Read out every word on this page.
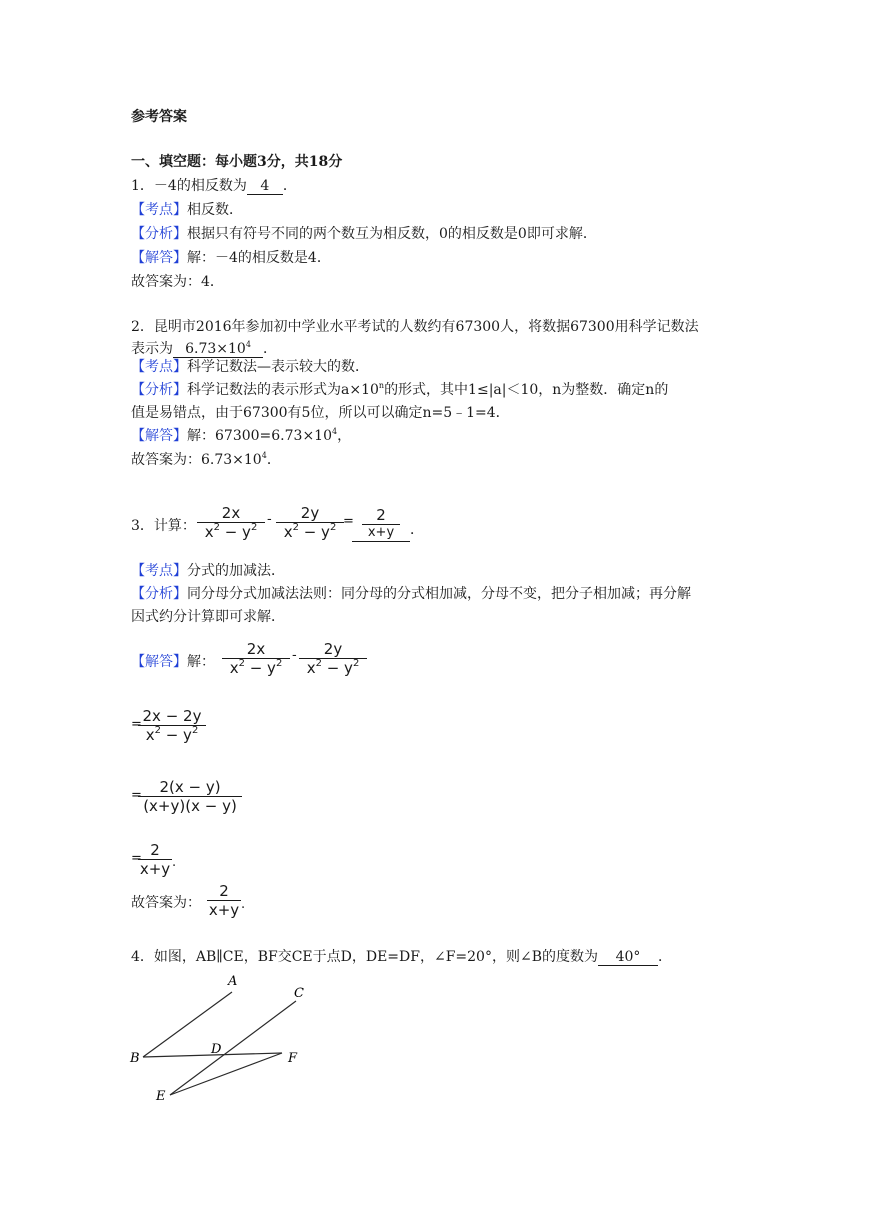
参考答案
一、填空题：每小题3分，共18分
1．－4的相反数为 4 ．
【考点】相反数．
【分析】根据只有符号不同的两个数互为相反数，0的相反数是0即可求解．
【解答】解：－4的相反数是4．
故答案为：4．
2．昆明市2016年参加初中学业水平考试的人数约有67300人，将数据67300用科学记数法
表示为 $6.73\times 10^4$ ．
【考点】科学记数法—表示较大的数．
【分析】科学记数法的表示形式为$a\times 10^n$的形式，其中1≤|a|＜10，n为整数．确定n的
值是易错点，由于67300有5位，所以可以确定n=5﹣1=4．
【解答】解：$67300=6.73\times 10^4$，
故答案为：$6.73\times 10^4$．
3．计算：
2x
$x^2 - y^2$
-	2y
$x^2 - y^2$ =	2
x+y	．
【考点】分式的加减法．
【分析】同分母分式加减法法则：同分母的分式相加减，分母不变，把分子相加减；再分解
因式约分计算即可求解．
【解答】解：
2x
$x^2 - y^2$
-	2y
$x^2 - y^2$
= 2x − 2y
$x^2 - y^2$
=	2(x − y)
(x+y)(x − y)
= 2
x+y .
故答案为：
2
x+y .
4．如图，AB∥CE，BF交CE于点D，DE=DF，∠F=20°，则∠B的度数为 40° ．
A
C
B
D
F
E
